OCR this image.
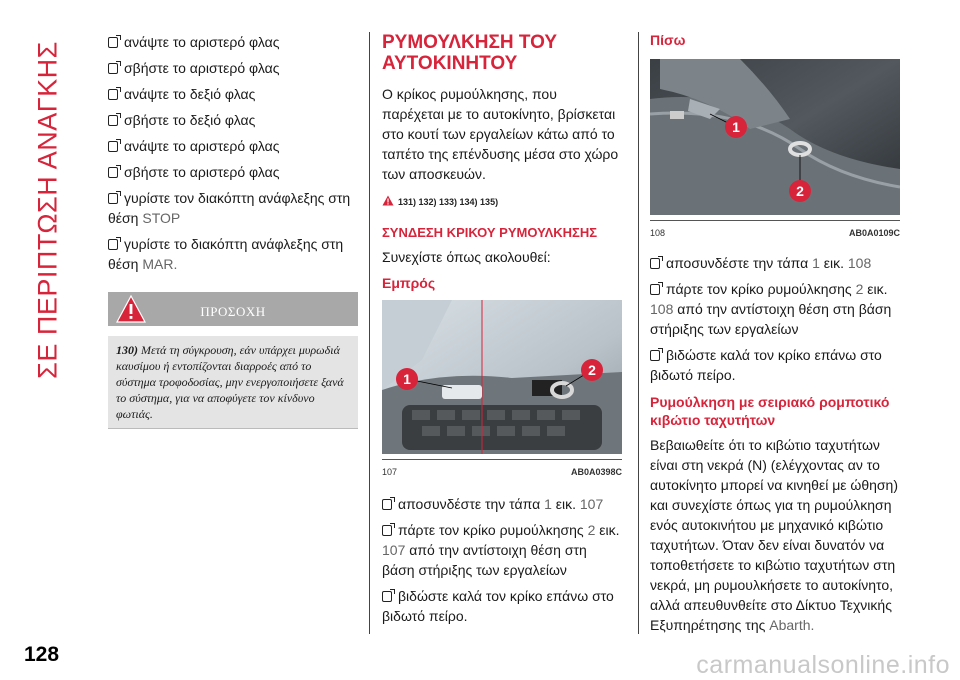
ΣΕ ΠΕΡΙΠΤΩΣΗ ΑΝΑΓΚΗΣ	ανάψτε το αριστερό φλας
σβήστε το αριστερό φλας
ανάψτε το δεξιό φλας
σβήστε το δεξιό φλας
ανάψτε το αριστερό φλας
σβήστε το αριστερό φλας
γυρίστε τον διακόπτη ανάφλεξης στη θέση STOP
γυρίστε το διακόπτη ανάφλεξης στη θέση MAR.
ΠΡΟΣΟΧΗ
130) Μετά τη σύγκρουση, εάν υπάρχει μυρωδιά καυσίμου ή εντοπίζονται διαρροές από το σύστημα τροφοδοσίας, μην ενεργοποιήσετε ξανά το σύστημα, για να αποφύγετε τον κίνδυνο φωτιάς.
ΡΥΜΟΥΛΚΗΣΗ ΤΟΥ ΑΥΤΟΚΙΝΗΤΟΥ
Ο κρίκος ρυμούλκησης, που παρέχεται με το αυτοκίνητο, βρίσκεται στο κουτί των εργαλείων κάτω από το ταπέτο της επένδυσης μέσα στο χώρο των αποσκευών.
131) 132) 133) 134) 135)
ΣΥΝΔΕΣΗ ΚΡΙΚΟΥ ΡΥΜΟΥΛΚΗΣΗΣ
Συνεχίστε όπως ακολουθεί:
Εμπρός
1
2
107	AB0A0398C
αποσυνδέστε την τάπα 1 εικ. 107
πάρτε τον κρίκο ρυμούλκησης 2 εικ. 107 από την αντίστοιχη θέση στη βάση στήριξης των εργαλείων
βιδώστε καλά τον κρίκο επάνω στο βιδωτό πείρο.
Πίσω
1
2
108	AB0A0109C
αποσυνδέστε την τάπα 1 εικ. 108
πάρτε τον κρίκο ρυμούλκησης 2 εικ. 108 από την αντίστοιχη θέση στη βάση στήριξης των εργαλείων
βιδώστε καλά τον κρίκο επάνω στο βιδωτό πείρο.
Ρυμούλκηση με σειριακό ρομποτικό κιβώτιο ταχυτήτων
Βεβαιωθείτε ότι το κιβώτιο ταχυτήτων είναι στη νεκρά (N) (ελέγχοντας αν το αυτοκίνητο μπορεί να κινηθεί με ώθηση) και συνεχίστε όπως για τη ρυμούλκηση ενός αυτοκινήτου με μηχανικό κιβώτιο ταχυτήτων. Όταν δεν είναι δυνατόν να τοποθετήσετε το κιβώτιο ταχυτήτων στη νεκρά, μη ρυμουλκήσετε το αυτοκίνητο, αλλά απευθυνθείτε στο Δίκτυο Τεχνικής Εξυπηρέτησης της Abarth.
128	carmanualsonline.info
